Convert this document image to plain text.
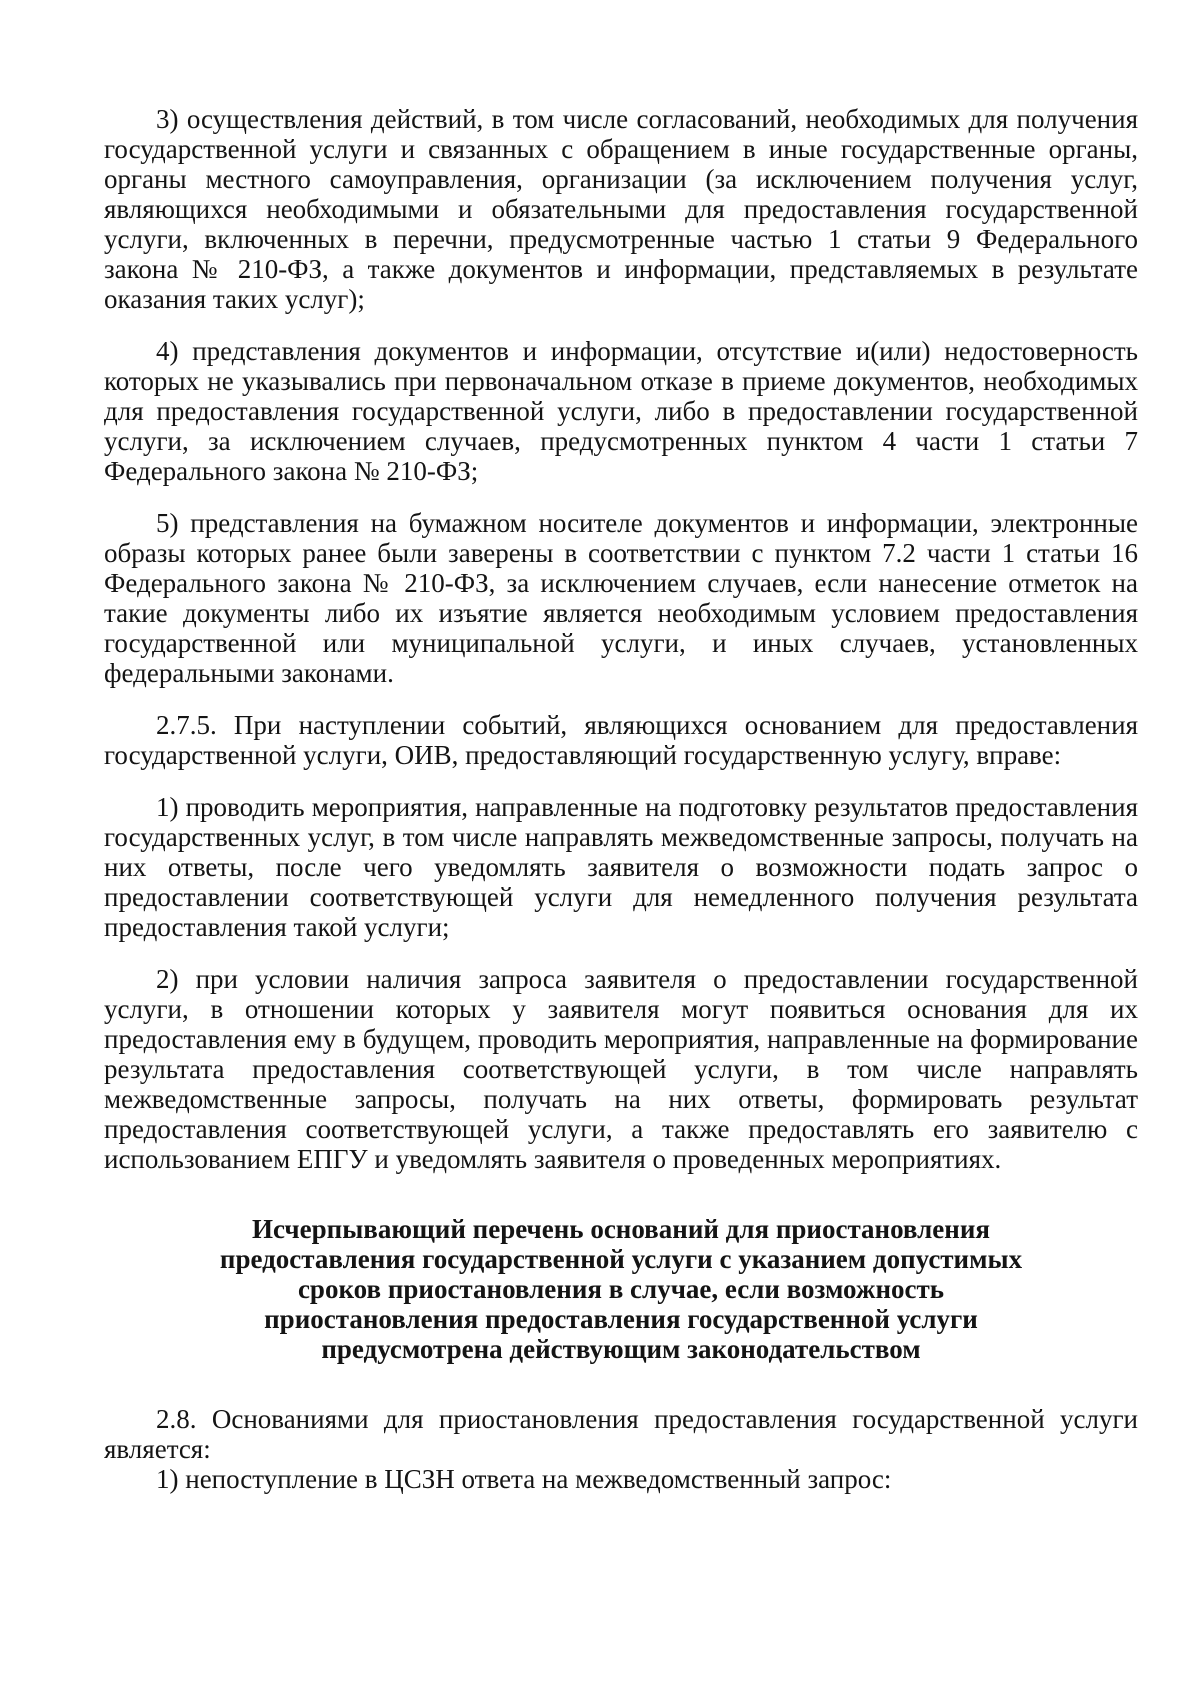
3) осуществления действий, в том числе согласований, необходимых для получения государственной услуги и связанных с обращением в иные государственные органы, органы местного самоуправления, организации (за исключением получения услуг, являющихся необходимыми и обязательными для предоставления государственной услуги, включенных в перечни, предусмотренные частью 1 статьи 9 Федерального закона № 210-ФЗ, а также документов и информации, представляемых в результате оказания таких услуг);

4) представления документов и информации, отсутствие и(или) недостоверность которых не указывались при первоначальном отказе в приеме документов, необходимых для предоставления государственной услуги, либо в предоставлении государственной услуги, за исключением случаев, предусмотренных пунктом 4 части 1 статьи 7 Федерального закона № 210-ФЗ;

5) представления на бумажном носителе документов и информации, электронные образы которых ранее были заверены в соответствии с пунктом 7.2 части 1 статьи 16 Федерального закона № 210-ФЗ, за исключением случаев, если нанесение отметок на такие документы либо их изъятие является необходимым условием предоставления государственной или муниципальной услуги, и иных случаев, установленных федеральными законами.

2.7.5. При наступлении событий, являющихся основанием для предоставления государственной услуги, ОИВ, предоставляющий государственную услугу, вправе:

1) проводить мероприятия, направленные на подготовку результатов предоставления государственных услуг, в том числе направлять межведомственные запросы, получать на них ответы, после чего уведомлять заявителя о возможности подать запрос о предоставлении соответствующей услуги для немедленного получения результата предоставления такой услуги;

2) при условии наличия запроса заявителя о предоставлении государственной услуги, в отношении которых у заявителя могут появиться основания для их предоставления ему в будущем, проводить мероприятия, направленные на формирование результата предоставления соответствующей услуги, в том числе направлять межведомственные запросы, получать на них ответы, формировать результат предоставления соответствующей услуги, а также предоставлять его заявителю с использованием ЕПГУ и уведомлять заявителя о проведенных мероприятиях.

Исчерпывающий перечень оснований для приостановления
предоставления государственной услуги с указанием допустимых
сроков приостановления в случае, если возможность
приостановления предоставления государственной услуги
предусмотрена действующим законодательством

2.8. Основаниями для приостановления предоставления государственной услуги является:

1) непоступление в ЦСЗН ответа на межведомственный запрос:
